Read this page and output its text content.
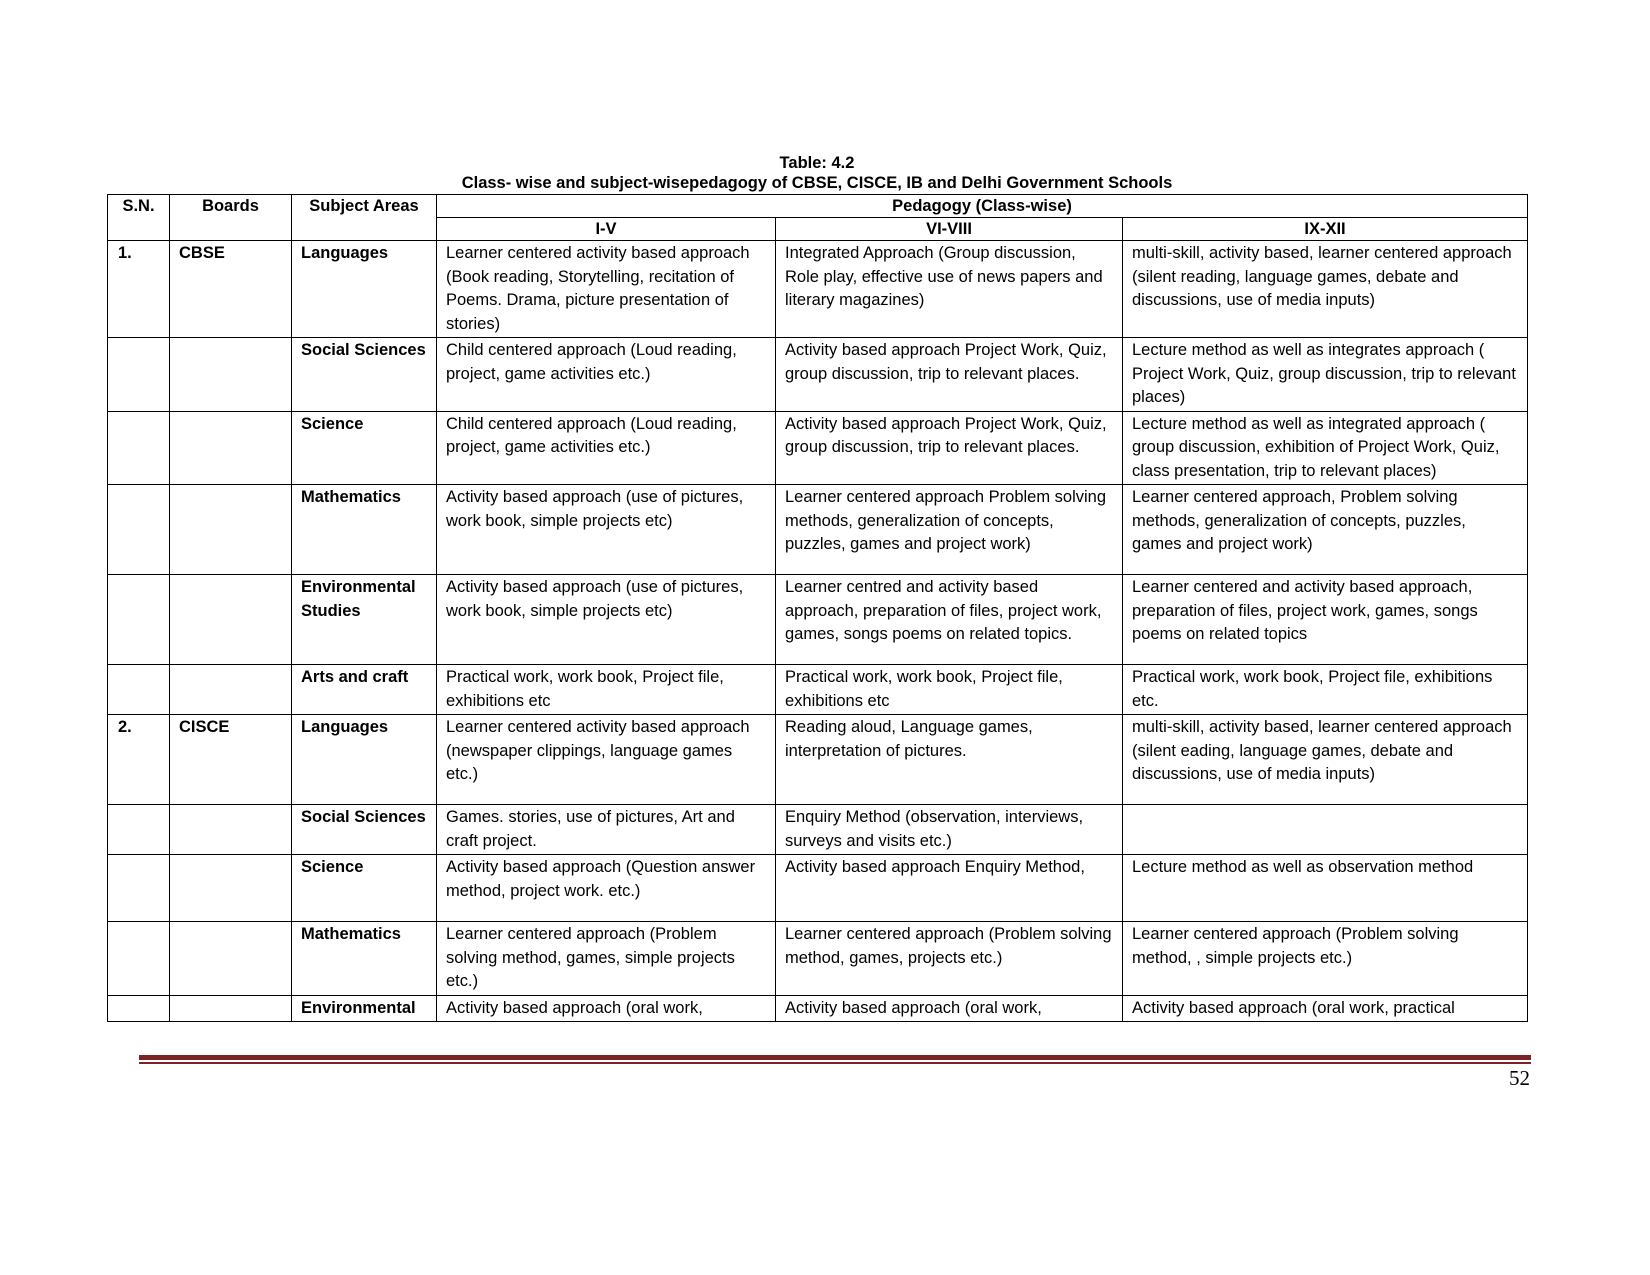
Table: 4.2
Class- wise and subject-wisepedagogy of CBSE, CISCE, IB and Delhi Government Schools
S.N.	Boards	Subject Areas	Pedagogy (Class-wise)		
			I-V	VI-VIII	IX-XII
1.	CBSE	Languages	Learner centered activity based approach (Book reading, Storytelling, recitation of Poems. Drama, picture presentation of stories)	Integrated Approach (Group discussion, Role play, effective use of news papers and literary magazines)	multi-skill, activity based, learner centered approach (silent reading, language games, debate and discussions, use of media inputs)
		Social Sciences	Child centered approach (Loud reading, project, game activities etc.)	Activity based approach Project Work, Quiz, group discussion, trip to relevant places.	Lecture method as well as integrates approach ( Project Work, Quiz, group discussion, trip to relevant places)
		Science	Child centered approach (Loud reading, project, game activities etc.)	Activity based approach Project Work, Quiz, group discussion, trip to relevant places.	Lecture method as well as integrated approach ( group discussion, exhibition of Project Work, Quiz, class presentation, trip to relevant places)
		Mathematics	Activity based approach (use of pictures, work book, simple projects etc)	Learner centered approach Problem solving methods, generalization of concepts, puzzles, games and project work)	Learner centered approach, Problem solving methods, generalization of concepts, puzzles, games and project work)
		Environmental Studies	Activity based approach (use of pictures, work book, simple projects etc)	Learner centred and activity based approach, preparation of files, project work, games, songs poems on related topics.	Learner centered and activity based approach, preparation of files, project work, games, songs poems on related topics
		Arts and craft	Practical work, work book, Project file, exhibitions etc	Practical work, work book, Project file, exhibitions etc	Practical work, work book, Project file, exhibitions etc.
2.	CISCE	Languages	Learner centered activity based approach (newspaper clippings, language games etc.)	Reading aloud, Language games, interpretation of pictures.	multi-skill, activity based, learner centered approach (silent eading, language games, debate and discussions, use of media inputs)
		Social Sciences	Games. stories, use of pictures, Art and craft project.	Enquiry Method (observation, interviews, surveys and visits etc.)	
		Science	Activity based approach (Question answer method, project work. etc.)	Activity based approach Enquiry Method,	Lecture method as well as observation method
		Mathematics	Learner centered approach (Problem solving method, games, simple projects etc.)	Learner centered approach (Problem solving method, games, projects etc.)	Learner centered approach (Problem solving method, , simple projects etc.)
		Environmental	Activity based approach (oral work,	Activity based approach (oral work,	Activity based approach (oral work, practical
52
